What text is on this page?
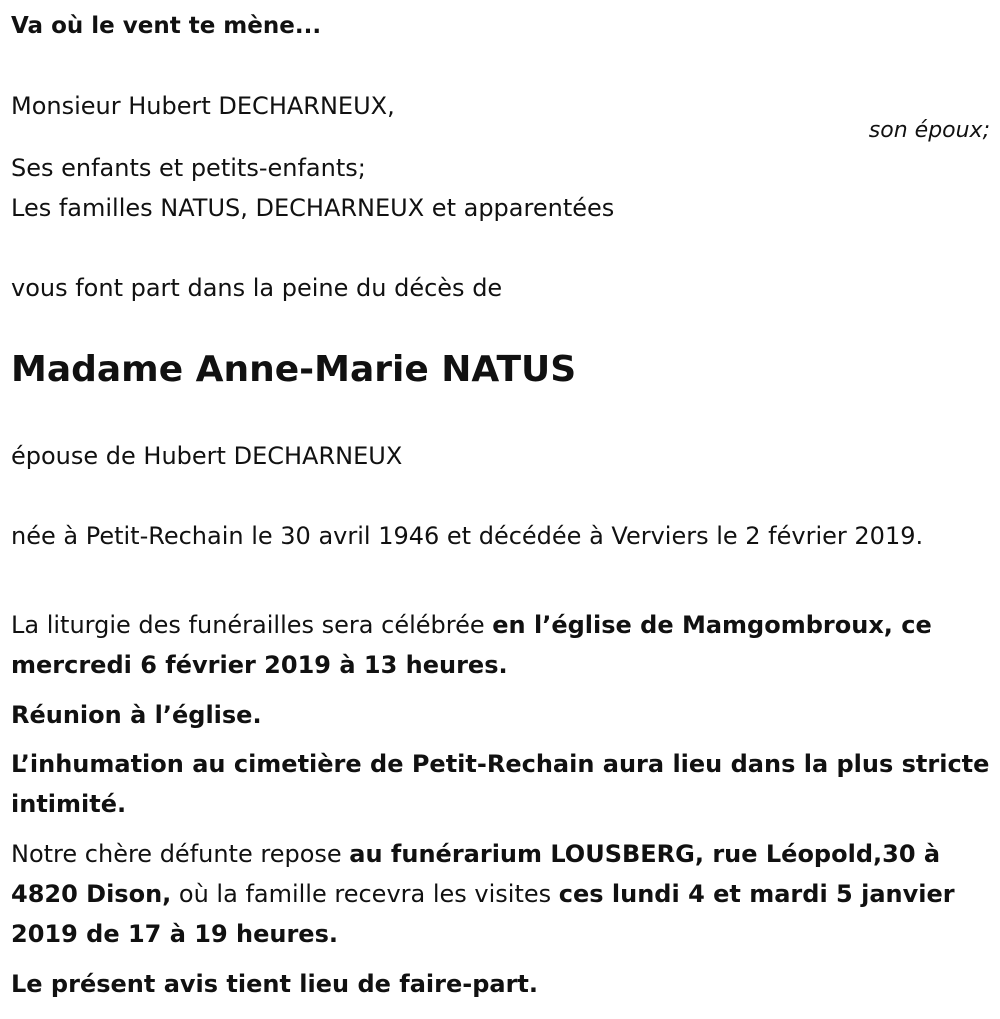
Va où le vent te mène...

Monsieur Hubert DECHARNEUX,

son époux;

Ses enfants et petits-enfants;

Les familles NATUS, DECHARNEUX et apparentées

vous font part dans la peine du décès de

Madame Anne-Marie NATUS

épouse de Hubert DECHARNEUX

née à Petit-Rechain le 30 avril 1946 et décédée à Verviers le 2 février 2019.

La liturgie des funérailles sera célébrée en l’église de Mamgombroux, ce mercredi 6 février 2019 à 13 heures.

Réunion à l’église.

L’inhumation au cimetière de Petit-Rechain aura lieu dans la plus stricte intimité.

Notre chère défunte repose au funérarium LOUSBERG, rue Léopold,30 à 4820 Dison, où la famille recevra les visites ces lundi 4 et mardi 5 janvier 2019 de 17 à 19 heures.

Le présent avis tient lieu de faire-part.
